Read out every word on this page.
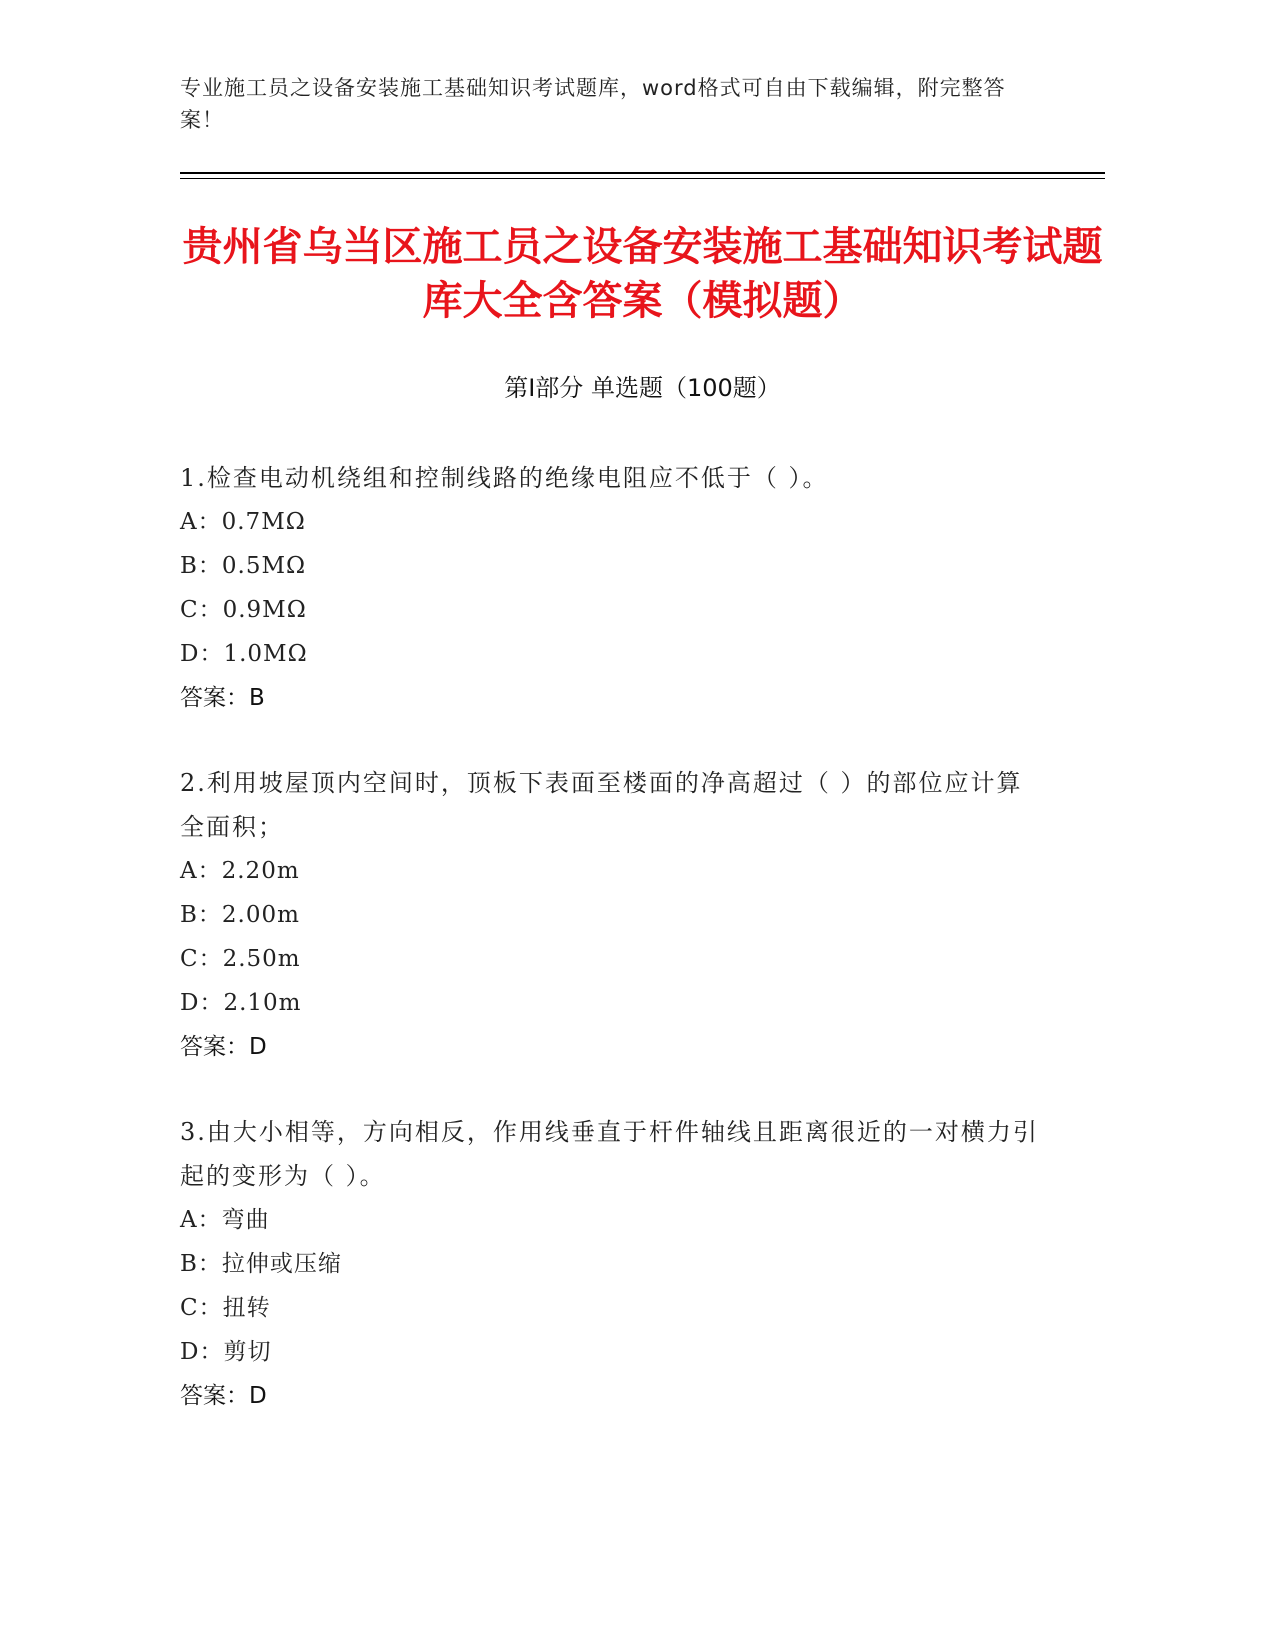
专业施工员之设备安装施工基础知识考试题库，word格式可自由下载编辑，附完整答案！
贵州省乌当区施工员之设备安装施工基础知识考试题库大全含答案（模拟题）
第Ⅰ部分 单选题（100题）
1.检查电动机绕组和控制线路的绝缘电阻应不低于（ ）。
A：0.7MΩ
B：0.5MΩ
C：0.9MΩ
D：1.0MΩ
答案：B
2.利用坡屋顶内空间时，顶板下表面至楼面的净高超过（ ）的部位应计算全面积；
A：2.20m
B：2.00m
C：2.50m
D：2.10m
答案：D
3.由大小相等，方向相反，作用线垂直于杆件轴线且距离很近的一对横力引起的变形为（ ）。
A：弯曲
B：拉伸或压缩
C：扭转
D：剪切
答案：D
